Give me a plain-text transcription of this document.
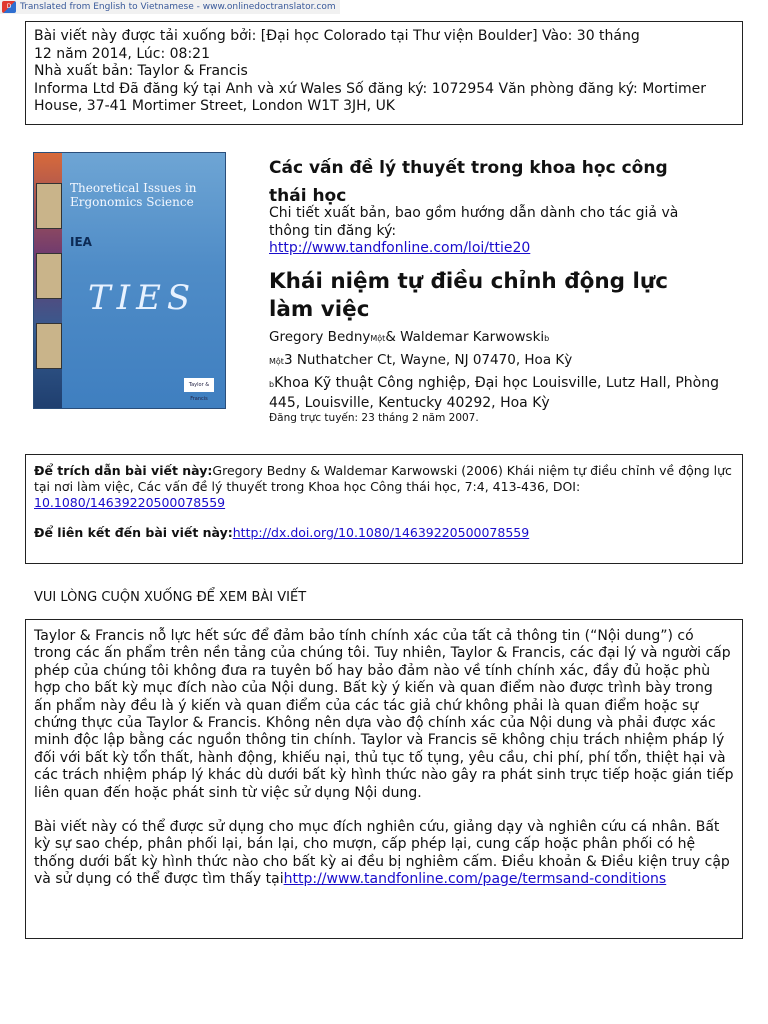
D Translated from English to Vietnamese - www.onlinedoctranslator.com
Bài viết này được tải xuống bởi: [Đại học Colorado tại Thư viện Boulder] Vào: 30 tháng
12 năm 2014, Lúc: 08:21
Nhà xuất bản: Taylor & Francis
Informa Ltd Đã đăng ký tại Anh và xứ Wales Số đăng ký: 1072954 Văn phòng đăng ký: Mortimer
House, 37-41 Mortimer Street, London W1T 3JH, UK
Theoretical Issues in Ergonomics Science
IEA
TIES
Taylor & Francis
Các vấn đề lý thuyết trong khoa học công thái học
Chi tiết xuất bản, bao gồm hướng dẫn dành cho tác giả và thông tin đăng ký:
http://www.tandfonline.com/loi/ttie20
Khái niệm tự điều chỉnh động lực làm việc
Gregory BednyMột& Waldemar Karwowskib
Một3 Nuthatcher Ct, Wayne, NJ 07470, Hoa Kỳ
bKhoa Kỹ thuật Công nghiệp, Đại học Louisville, Lutz Hall, Phòng 445, Louisville, Kentucky 40292, Hoa Kỳ
Đăng trực tuyến: 23 tháng 2 năm 2007.
Để trích dẫn bài viết này:Gregory Bedny & Waldemar Karwowski (2006) Khái niệm tự điều chỉnh về động lực tại nơi làm việc, Các vấn đề lý thuyết trong Khoa học Công thái học, 7:4, 413-436, DOI:
10.1080/14639220500078559
Để liên kết đến bài viết này:http://dx.doi.org/10.1080/14639220500078559
VUI LÒNG CUỘN XUỐNG ĐỂ XEM BÀI VIẾT

Taylor & Francis nỗ lực hết sức để đảm bảo tính chính xác của tất cả thông tin (“Nội dung”) có trong các ấn phẩm trên nền tảng của chúng tôi. Tuy nhiên, Taylor & Francis, các đại lý và người cấp phép của chúng tôi không đưa ra tuyên bố hay bảo đảm nào về tính chính xác, đầy đủ hoặc phù hợp cho bất kỳ mục đích nào của Nội dung. Bất kỳ ý kiến và quan điểm nào được trình bày trong ấn phẩm này đều là ý kiến và quan điểm của các tác giả chứ không phải là quan điểm hoặc sự chứng thực của Taylor & Francis. Không nên dựa vào độ chính xác của Nội dung và phải được xác minh độc lập bằng các nguồn thông tin chính. Taylor và Francis sẽ không chịu trách nhiệm pháp lý đối với bất kỳ tổn thất, hành động, khiếu nại, thủ tục tố tụng, yêu cầu, chi phí, phí tổn, thiệt hại và các trách nhiệm pháp lý khác dù dưới bất kỳ hình thức nào gây ra phát sinh trực tiếp hoặc gián tiếp liên quan đến hoặc phát sinh từ việc sử dụng Nội dung.

Bài viết này có thể được sử dụng cho mục đích nghiên cứu, giảng dạy và nghiên cứu cá nhân. Bất kỳ sự sao chép, phân phối lại, bán lại, cho mượn, cấp phép lại, cung cấp hoặc phân phối có hệ thống dưới bất kỳ hình thức nào cho bất kỳ ai đều bị nghiêm cấm. Điều khoản & Điều kiện truy cập và sử dụng có thể được tìm thấy tạihttp://www.tandfonline.com/page/termsand-conditions
